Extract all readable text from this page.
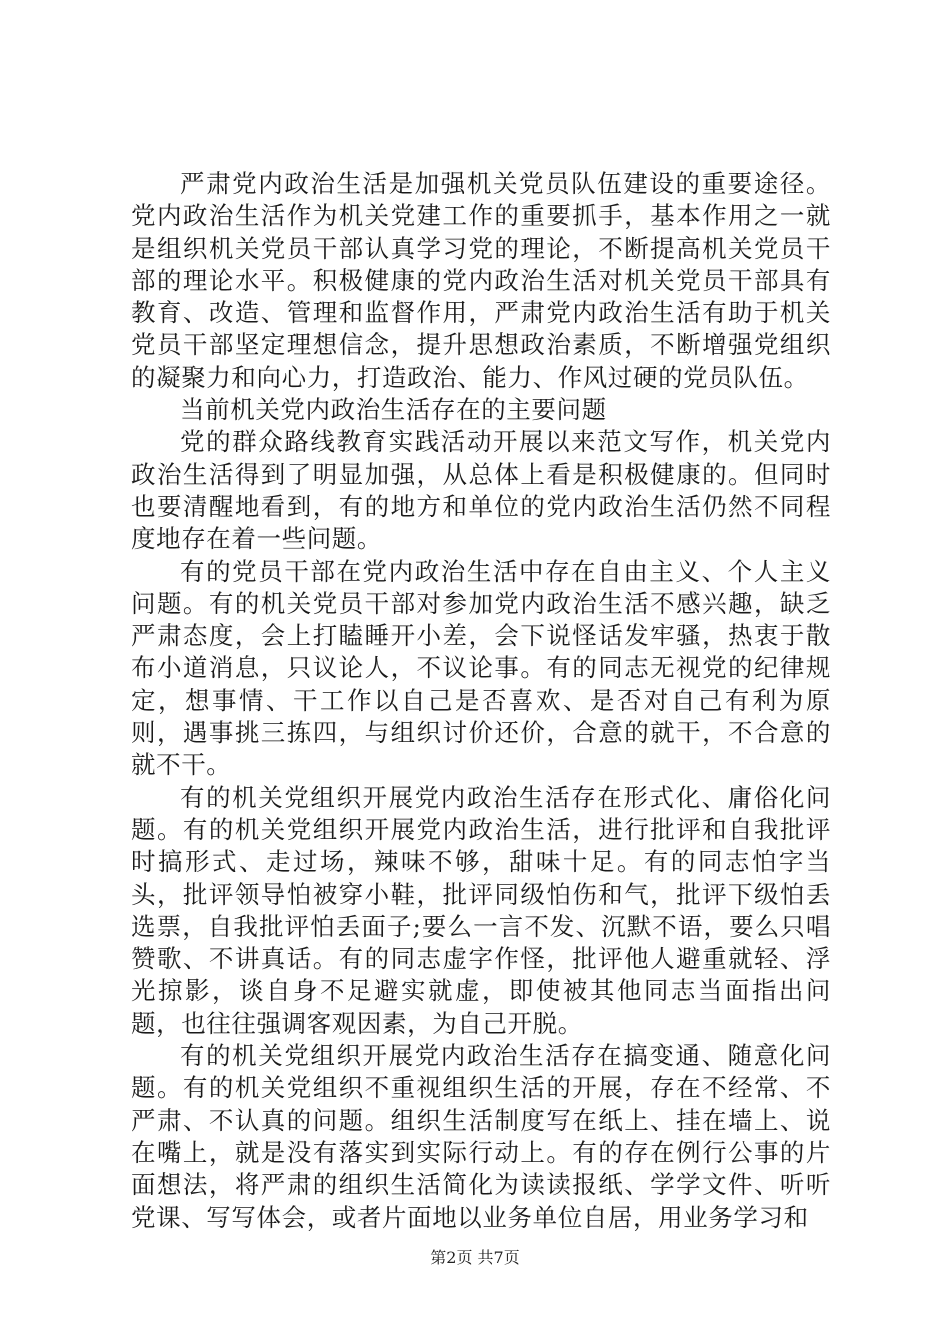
严肃党内政治生活是加强机关党员队伍建设的重要途径。党内政治生活作为机关党建工作的重要抓手，基本作用之一就是组织机关党员干部认真学习党的理论，不断提高机关党员干部的理论水平。积极健康的党内政治生活对机关党员干部具有教育、改造、管理和监督作用，严肃党内政治生活有助于机关党员干部坚定理想信念，提升思想政治素质，不断增强党组织的凝聚力和向心力，打造政治、能力、作风过硬的党员队伍。

当前机关党内政治生活存在的主要问题

党的群众路线教育实践活动开展以来范文写作，机关党内政治生活得到了明显加强，从总体上看是积极健康的。但同时也要清醒地看到，有的地方和单位的党内政治生活仍然不同程度地存在着一些问题。

有的党员干部在党内政治生活中存在自由主义、个人主义问题。有的机关党员干部对参加党内政治生活不感兴趣，缺乏严肃态度，会上打瞌睡开小差，会下说怪话发牢骚，热衷于散布小道消息，只议论人，不议论事。有的同志无视党的纪律规定，想事情、干工作以自己是否喜欢、是否对自己有利为原则，遇事挑三拣四，与组织讨价还价，合意的就干，不合意的就不干。

有的机关党组织开展党内政治生活存在形式化、庸俗化问题。有的机关党组织开展党内政治生活，进行批评和自我批评时搞形式、走过场，辣味不够，甜味十足。有的同志怕字当头，批评领导怕被穿小鞋，批评同级怕伤和气，批评下级怕丢选票，自我批评怕丢面子;要么一言不发、沉默不语，要么只唱赞歌、不讲真话。有的同志虚字作怪，批评他人避重就轻、浮光掠影，谈自身不足避实就虚，即使被其他同志当面指出问题，也往往强调客观因素，为自己开脱。

有的机关党组织开展党内政治生活存在搞变通、随意化问题。有的机关党组织不重视组织生活的开展，存在不经常、不严肃、不认真的问题。组织生活制度写在纸上、挂在墙上、说在嘴上，就是没有落实到实际行动上。有的存在例行公事的片面想法，将严肃的组织生活简化为读读报纸、学学文件、听听党课、写写体会，或者片面地以业务单位自居，用业务学习和

第2页 共7页
